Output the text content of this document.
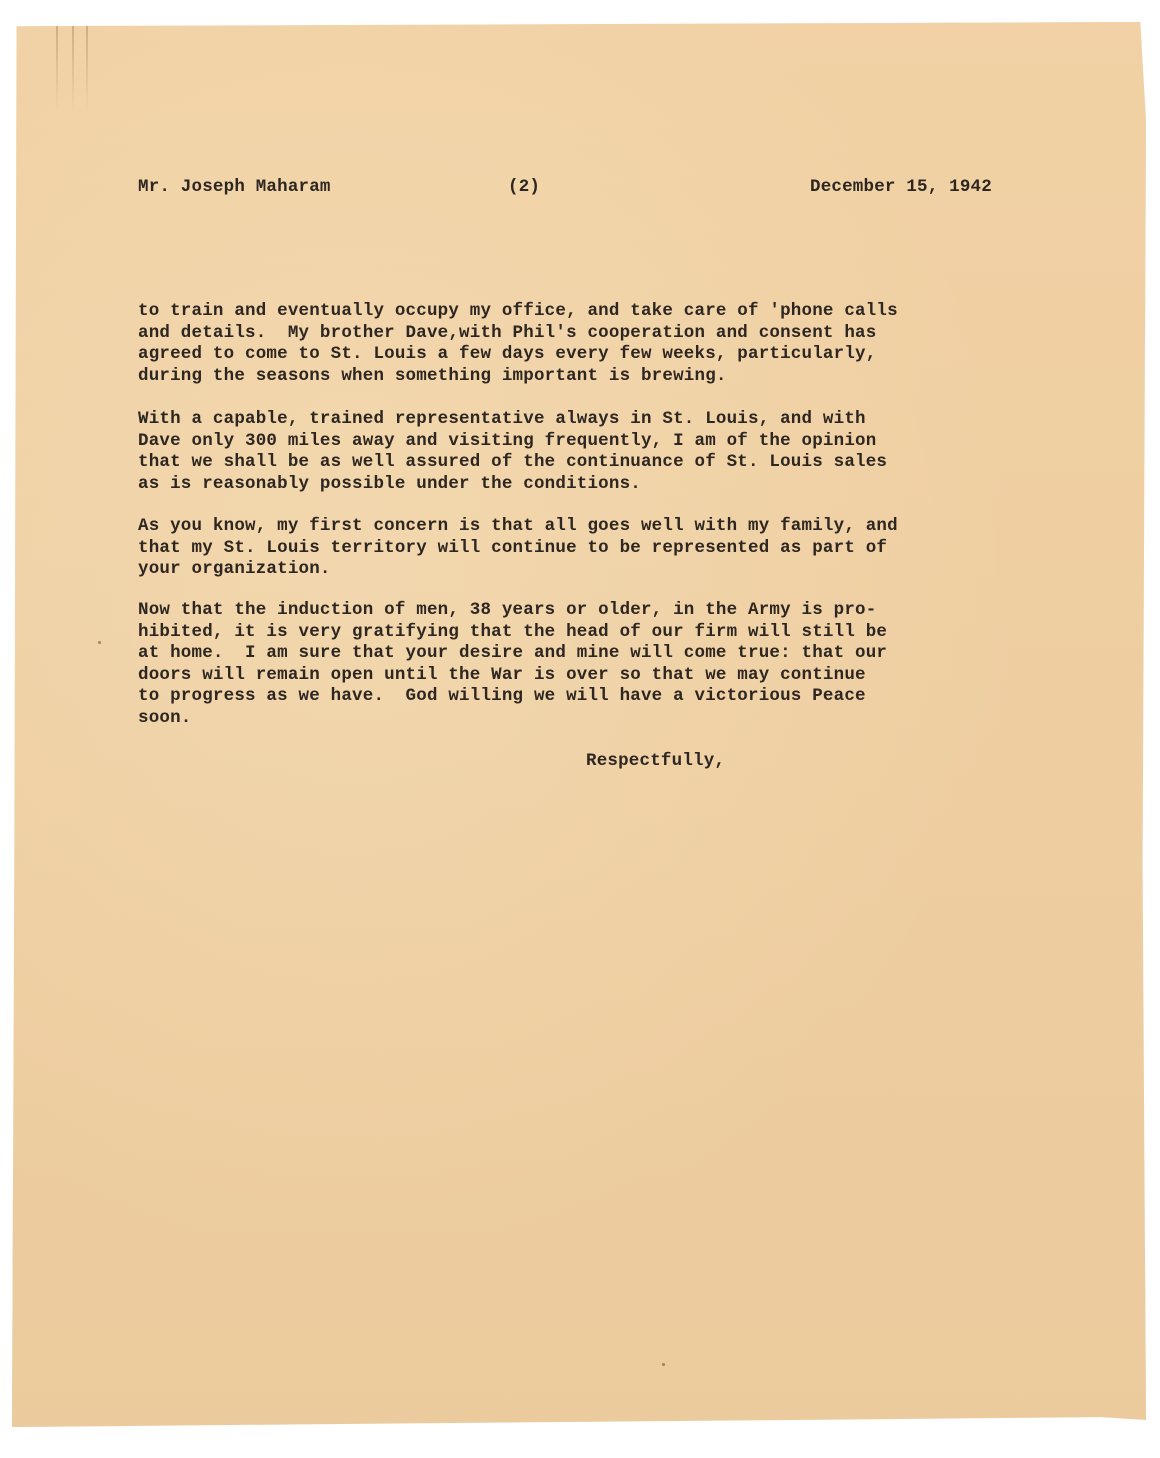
Mr. Joseph Maharam	(2)	December 15, 1942
to train and eventually occupy my office, and take care of 'phone calls
and details.  My brother Dave,with Phil's cooperation and consent has
agreed to come to St. Louis a few days every few weeks, particularly,
during the seasons when something important is brewing.
With a capable, trained representative always in St. Louis, and with
Dave only 300 miles away and visiting frequently, I am of the opinion
that we shall be as well assured of the continuance of St. Louis sales
as is reasonably possible under the conditions.
As you know, my first concern is that all goes well with my family, and
that my St. Louis territory will continue to be represented as part of
your organization.
Now that the induction of men, 38 years or older, in the Army is pro-
hibited, it is very gratifying that the head of our firm will still be
at home.  I am sure that your desire and mine will come true: that our
doors will remain open until the War is over so that we may continue
to progress as we have.  God willing we will have a victorious Peace
soon.
Respectfully,
